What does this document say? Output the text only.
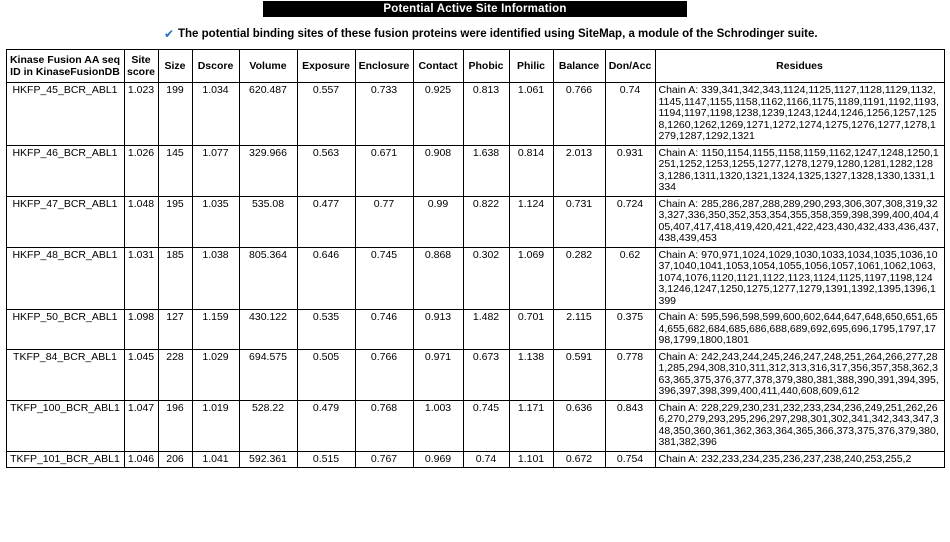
Potential Active Site Information
✔ The potential binding sites of these fusion proteins were identified using SiteMap, a module of the Schrodinger suite.
Kinase Fusion AA seq ID in KinaseFusionDB	Site score	Size	Dscore	Volume	Exposure	Enclosure	Contact	Phobic	Philic	Balance	Don/Acc	Residues
HKFP_45_BCR_ABL1	1.023	199	1.034	620.487	0.557	0.733	0.925	0.813	1.061	0.766	0.74	Chain A: 339,341,342,343,1124,1125,1127,1128,1129,1132,1145,1147,1155,1158,1162,1166,1175,1189,1191,1192,1193,1194,1197,1198,1238,1239,1243,1244,1246,1256,1257,1258,1260,1262,1269,1271,1272,1274,1275,1276,1277,1278,1279,1287,1292,1321
HKFP_46_BCR_ABL1	1.026	145	1.077	329.966	0.563	0.671	0.908	1.638	0.814	2.013	0.931	Chain A: 1150,1154,1155,1158,1159,1162,1247,1248,1250,1251,1252,1253,1255,1277,1278,1279,1280,1281,1282,1283,1286,1311,1320,1321,1324,1325,1327,1328,1330,1331,1334
HKFP_47_BCR_ABL1	1.048	195	1.035	535.08	0.477	0.77	0.99	0.822	1.124	0.731	0.724	Chain A: 285,286,287,288,289,290,293,306,307,308,319,323,327,336,350,352,353,354,355,358,359,398,399,400,404,405,407,417,418,419,420,421,422,423,430,432,433,436,437,438,439,453
HKFP_48_BCR_ABL1	1.031	185	1.038	805.364	0.646	0.745	0.868	0.302	1.069	0.282	0.62	Chain A: 970,971,1024,1029,1030,1033,1034,1035,1036,1037,1040,1041,1053,1054,1055,1056,1057,1061,1062,1063,1074,1076,1120,1121,1122,1123,1124,1125,1197,1198,1243,1246,1247,1250,1275,1277,1279,1391,1392,1395,1396,1399
HKFP_50_BCR_ABL1	1.098	127	1.159	430.122	0.535	0.746	0.913	1.482	0.701	2.115	0.375	Chain A: 595,596,598,599,600,602,644,647,648,650,651,654,655,682,684,685,686,688,689,692,695,696,1795,1797,1798,1799,1800,1801
TKFP_84_BCR_ABL1	1.045	228	1.029	694.575	0.505	0.766	0.971	0.673	1.138	0.591	0.778	Chain A: 242,243,244,245,246,247,248,251,264,266,277,281,285,294,308,310,311,312,313,316,317,356,357,358,362,363,365,375,376,377,378,379,380,381,388,390,391,394,395,396,397,398,399,400,411,440,608,609,612
TKFP_100_BCR_ABL1	1.047	196	1.019	528.22	0.479	0.768	1.003	0.745	1.171	0.636	0.843	Chain A: 228,229,230,231,232,233,234,236,249,251,262,266,270,279,293,295,296,297,298,301,302,341,342,343,347,348,350,360,361,362,363,364,365,366,373,375,376,379,380,381,382,396
TKFP_101_BCR_ABL1	1.046	206	1.041	592.361	0.515	0.767	0.969	0.74	1.101	0.672	0.754	Chain A: 232,233,234,235,236,237,238,240,253,255,2
